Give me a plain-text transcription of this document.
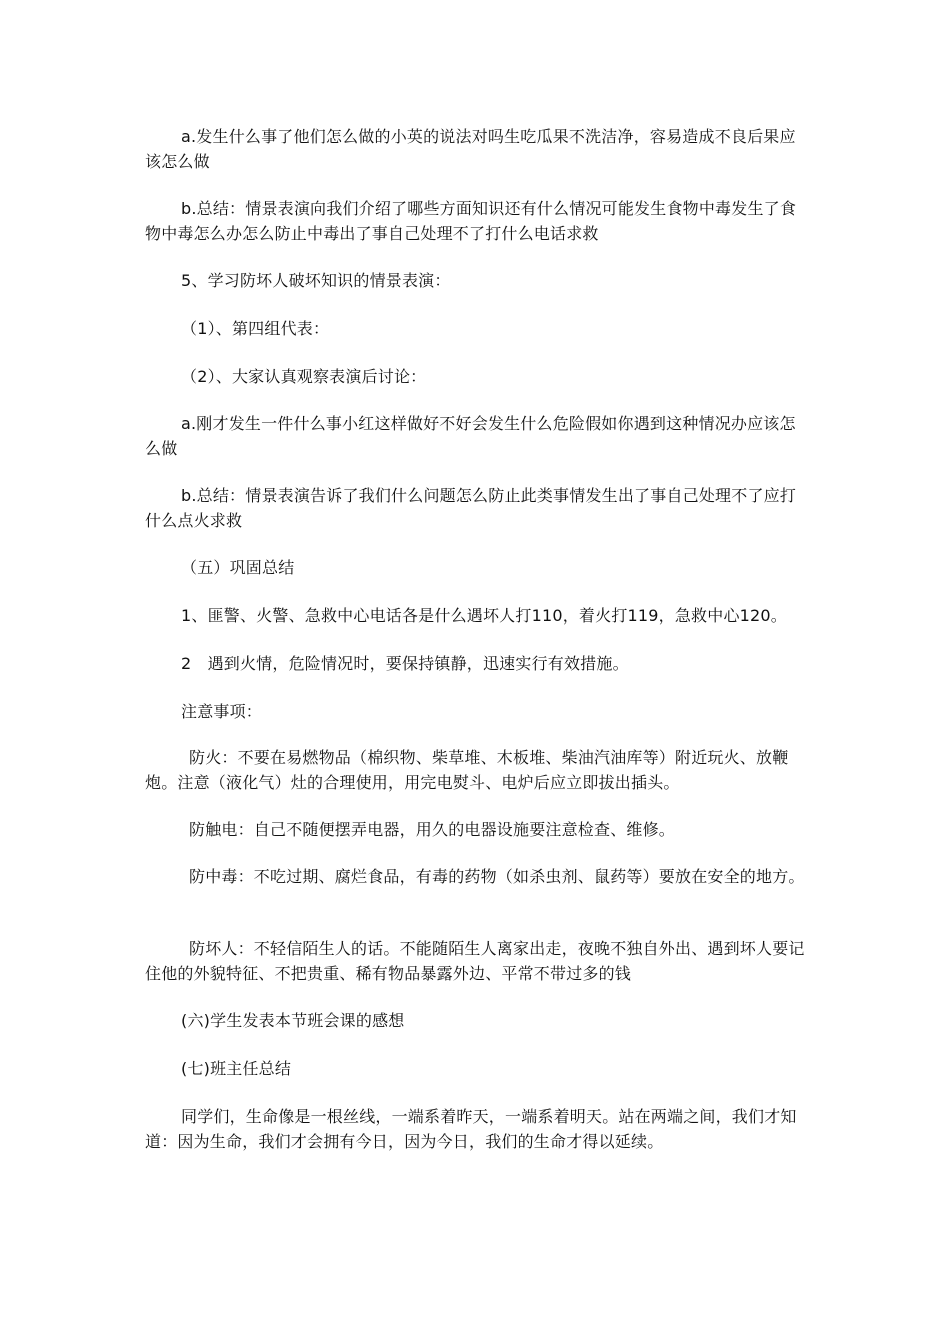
a.发生什么事了他们怎么做的小英的说法对吗生吃瓜果不洗洁净，容易造成不良后果应该怎么做

b.总结：情景表演向我们介绍了哪些方面知识还有什么情况可能发生食物中毒发生了食物中毒怎么办怎么防止中毒出了事自己处理不了打什么电话求救

5、学习防坏人破坏知识的情景表演：

（1）、第四组代表：

（2）、大家认真观察表演后讨论：

a.刚才发生一件什么事小红这样做好不好会发生什么危险假如你遇到这种情况办应该怎么做

b.总结：情景表演告诉了我们什么问题怎么防止此类事情发生出了事自己处理不了应打什么点火求救

（五）巩固总结

1、匪警、火警、急救中心电话各是什么遇坏人打110，着火打119，急救中心120。

2　遇到火情，危险情况时，要保持镇静，迅速实行有效措施。

注意事项：

防火：不要在易燃物品（棉织物、柴草堆、木板堆、柴油汽油库等）附近玩火、放鞭炮。注意（液化气）灶的合理使用，用完电熨斗、电炉后应立即拔出插头。

防触电：自己不随便摆弄电器，用久的电器设施要注意检查、维修。

防中毒：不吃过期、腐烂食品，有毒的药物（如杀虫剂、鼠药等）要放在安全的地方。

防坏人：不轻信陌生人的话。不能随陌生人离家出走，夜晚不独自外出、遇到坏人要记住他的外貌特征、不把贵重、稀有物品暴露外边、平常不带过多的钱

(六)学生发表本节班会课的感想

(七)班主任总结

同学们，生命像是一根丝线，一端系着昨天，一端系着明天。站在两端之间，我们才知道：因为生命，我们才会拥有今日，因为今日，我们的生命才得以延续。
